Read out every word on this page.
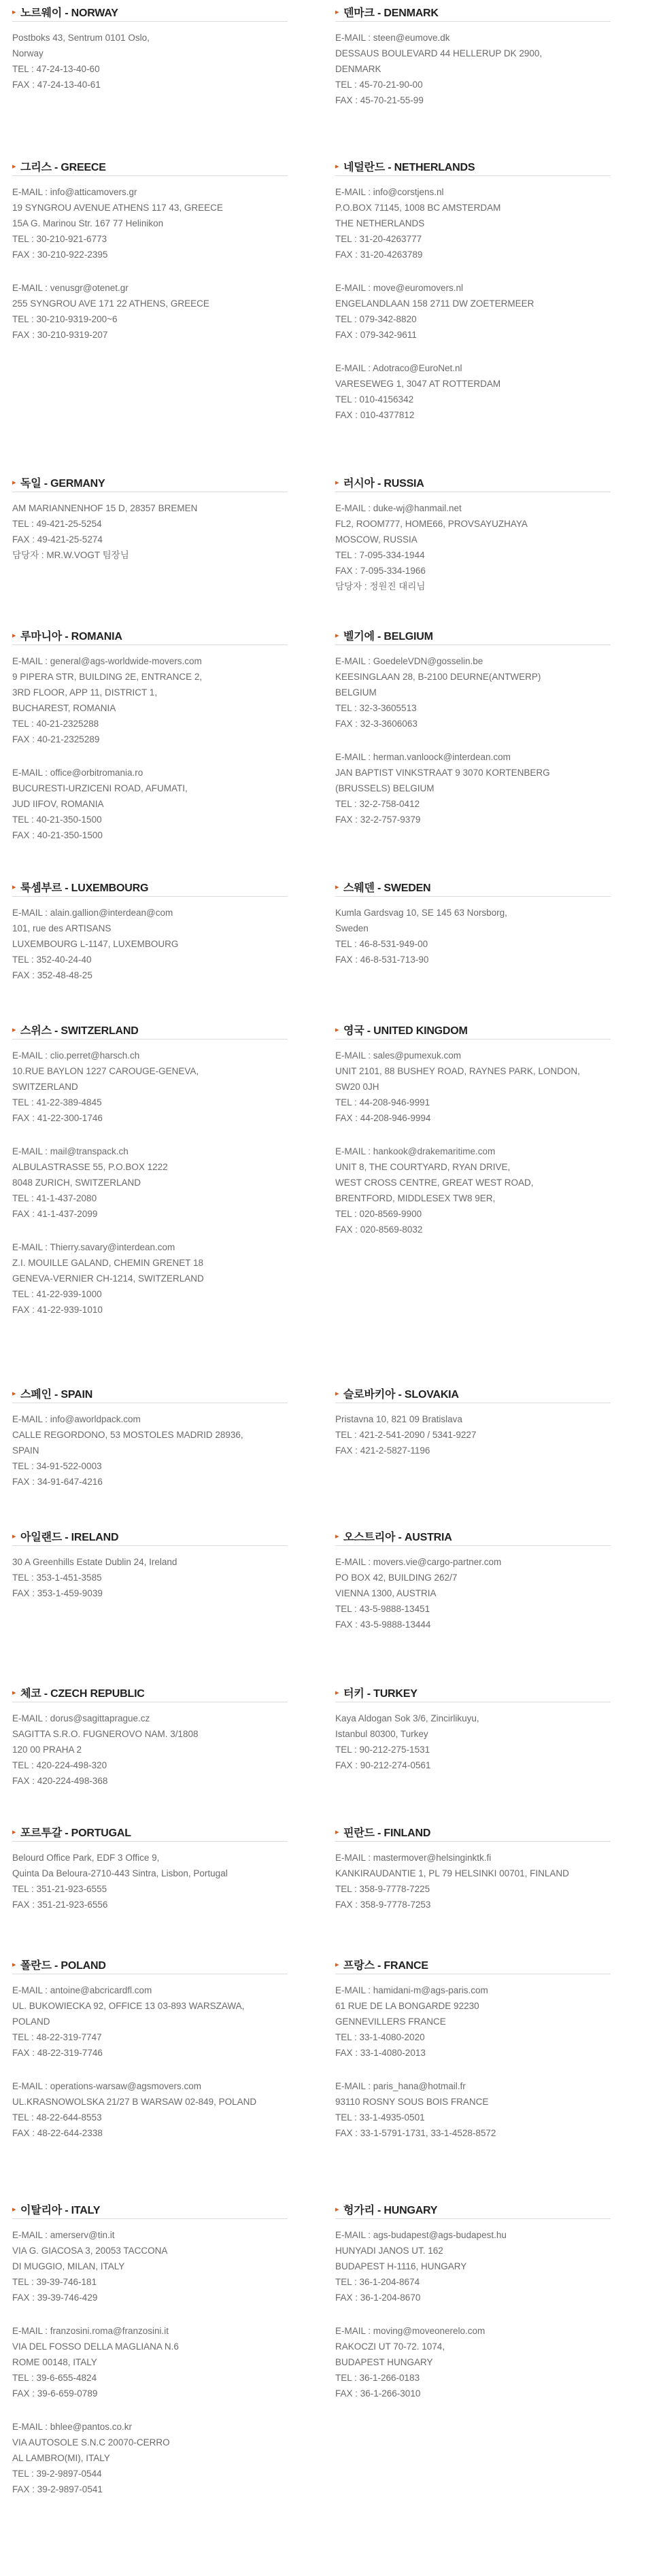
▸ 노르웨이 - NORWAY
Postboks 43, Sentrum 0101 Oslo,
Norway
TEL : 47-24-13-40-60
FAX : 47-24-13-40-61
▸ 덴마크 - DENMARK
E-MAIL : steen@eumove.dk
DESSAUS BOULEVARD 44 HELLERUP DK 2900,
DENMARK
TEL : 45-70-21-90-00
FAX : 45-70-21-55-99
▸ 그리스 - GREECE
E-MAIL : info@atticamovers.gr
19 SYNGROU AVENUE ATHENS 117 43, GREECE
15A G. Marinou Str. 167 77 Helinikon
TEL : 30-210-921-6773
FAX : 30-210-922-2395
E-MAIL : venusgr@otenet.gr
255 SYNGROU AVE 171 22 ATHENS, GREECE
TEL : 30-210-9319-200~6
FAX : 30-210-9319-207
▸ 네덜란드 - NETHERLANDS
E-MAIL : info@corstjens.nl
P.O.BOX 71145, 1008 BC AMSTERDAM
THE NETHERLANDS
TEL : 31-20-4263777
FAX : 31-20-4263789
E-MAIL : move@euromovers.nl
ENGELANDLAAN 158 2711 DW ZOETERMEER
TEL : 079-342-8820
FAX : 079-342-9611
E-MAIL : Adotraco@EuroNet.nl
VARESEWEG 1, 3047 AT ROTTERDAM
TEL : 010-4156342
FAX : 010-4377812
▸ 독일 - GERMANY
AM MARIANNENHOF 15 D, 28357 BREMEN
TEL : 49-421-25-5254
FAX : 49-421-25-5274
담당자 : MR.W.VOGT 팀장님
▸ 러시아 - RUSSIA
E-MAIL : duke-wj@hanmail.net
FL2, ROOM777, HOME66, PROVSAYUZHAYA
MOSCOW, RUSSIA
TEL : 7-095-334-1944
FAX : 7-095-334-1966
담당자 : 정원진 대리님
▸ 루마니아 - ROMANIA
E-MAIL : general@ags-worldwide-movers.com
9 PIPERA STR, BUILDING 2E, ENTRANCE 2,
3RD FLOOR, APP 11, DISTRICT 1,
BUCHAREST, ROMANIA
TEL : 40-21-2325288
FAX : 40-21-2325289
E-MAIL : office@orbitromania.ro
BUCURESTI-URZICENI ROAD, AFUMATI,
JUD IIFOV, ROMANIA
TEL : 40-21-350-1500
FAX : 40-21-350-1500
▸ 벨기에 - BELGIUM
E-MAIL : GoedeleVDN@gosselin.be
KEESINGLAAN 28, B-2100 DEURNE(ANTWERP)
BELGIUM
TEL : 32-3-3605513
FAX : 32-3-3606063
E-MAIL : herman.vanloock@interdean.com
JAN BAPTIST VINKSTRAAT 9 3070 KORTENBERG
(BRUSSELS) BELGIUM
TEL : 32-2-758-0412
FAX : 32-2-757-9379
▸ 룩셈부르 - LUXEMBOURG
E-MAIL : alain.gallion@interdean@com
101, rue des ARTISANS
LUXEMBOURG L-1147, LUXEMBOURG
TEL : 352-40-24-40
FAX : 352-48-48-25
▸ 스웨덴 - SWEDEN
Kumla Gardsvag 10, SE 145 63 Norsborg,
Sweden
TEL : 46-8-531-949-00
FAX : 46-8-531-713-90
▸ 스위스 - SWITZERLAND
E-MAIL : clio.perret@harsch.ch
10.RUE BAYLON 1227 CAROUGE-GENEVA,
SWITZERLAND
TEL : 41-22-389-4845
FAX : 41-22-300-1746
E-MAIL : mail@transpack.ch
ALBULASTRASSE 55, P.O.BOX 1222
8048 ZURICH, SWITZERLAND
TEL : 41-1-437-2080
FAX : 41-1-437-2099
E-MAIL : Thierry.savary@interdean.com
Z.I. MOUILLE GALAND, CHEMIN GRENET 18
GENEVA-VERNIER CH-1214, SWITZERLAND
TEL : 41-22-939-1000
FAX : 41-22-939-1010
▸ 영국 - UNITED KINGDOM
E-MAIL : sales@pumexuk.com
UNIT 2101, 88 BUSHEY ROAD, RAYNES PARK, LONDON,
SW20 0JH
TEL : 44-208-946-9991
FAX : 44-208-946-9994
E-MAIL : hankook@drakemaritime.com
UNIT 8, THE COURTYARD, RYAN DRIVE,
WEST CROSS CENTRE, GREAT WEST ROAD,
BRENTFORD, MIDDLESEX TW8 9ER,
TEL : 020-8569-9900
FAX : 020-8569-8032
▸ 스페인 - SPAIN
E-MAIL : info@aworldpack.com
CALLE REGORDONO, 53 MOSTOLES MADRID 28936,
SPAIN
TEL : 34-91-522-0003
FAX : 34-91-647-4216
▸ 슬로바키아 - SLOVAKIA
Pristavna 10, 821 09 Bratislava
TEL : 421-2-541-2090 / 5341-9227
FAX : 421-2-5827-1196
▸ 아일랜드 - IRELAND
30 A Greenhills Estate Dublin 24, Ireland
TEL : 353-1-451-3585
FAX : 353-1-459-9039
▸ 오스트리아 - AUSTRIA
E-MAIL : movers.vie@cargo-partner.com
PO BOX 42, BUILDING 262/7
VIENNA 1300, AUSTRIA
TEL : 43-5-9888-13451
FAX : 43-5-9888-13444
▸ 체코 - CZECH REPUBLIC
E-MAIL : dorus@sagittaprague.cz
SAGITTA S.R.O. FUGNEROVO NAM. 3/1808
120 00 PRAHA 2
TEL : 420-224-498-320
FAX : 420-224-498-368
▸ 터키 - TURKEY
Kaya Aldogan Sok 3/6, Zincirlikuyu,
Istanbul 80300, Turkey
TEL : 90-212-275-1531
FAX : 90-212-274-0561
▸ 포르투갈 - PORTUGAL
Belourd Office Park, EDF 3 Office 9,
Quinta Da Beloura-2710-443 Sintra, Lisbon, Portugal
TEL : 351-21-923-6555
FAX : 351-21-923-6556
▸ 핀란드 - FINLAND
E-MAIL : mastermover@helsinginktk.fi
KANKIRAUDANTIE 1, PL 79 HELSINKI 00701, FINLAND
TEL : 358-9-7778-7225
FAX : 358-9-7778-7253
▸ 폴란드 - POLAND
E-MAIL : antoine@abcricardfl.com
UL. BUKOWIECKA 92, OFFICE 13 03-893 WARSZAWA,
POLAND
TEL : 48-22-319-7747
FAX : 48-22-319-7746
E-MAIL : operations-warsaw@agsmovers.com
UL.KRASNOWOLSKA 21/27 B WARSAW 02-849, POLAND
TEL : 48-22-644-8553
FAX : 48-22-644-2338
▸ 프랑스 - FRANCE
E-MAIL : hamidani-m@ags-paris.com
61 RUE DE LA BONGARDE 92230
GENNEVILLERS FRANCE
TEL : 33-1-4080-2020
FAX : 33-1-4080-2013
E-MAIL : paris_hana@hotmail.fr
93110 ROSNY SOUS BOIS FRANCE
TEL : 33-1-4935-0501
FAX : 33-1-5791-1731, 33-1-4528-8572
▸ 이탈리아 - ITALY
E-MAIL : amerserv@tin.it
VIA G. GIACOSA 3, 20053 TACCONA
DI MUGGIO, MILAN, ITALY
TEL : 39-39-746-181
FAX : 39-39-746-429
E-MAIL : franzosini.roma@franzosini.it
VIA DEL FOSSO DELLA MAGLIANA N.6
ROME 00148, ITALY
TEL : 39-6-655-4824
FAX : 39-6-659-0789
E-MAIL : bhlee@pantos.co.kr
VIA AUTOSOLE S.N.C 20070-CERRO
AL LAMBRO(MI), ITALY
TEL : 39-2-9897-0544
FAX : 39-2-9897-0541
▸ 헝가리 - HUNGARY
E-MAIL : ags-budapest@ags-budapest.hu
HUNYADI JANOS UT. 162
BUDAPEST H-1116, HUNGARY
TEL : 36-1-204-8674
FAX : 36-1-204-8670
E-MAIL : moving@moveonerelo.com
RAKOCZI UT 70-72. 1074,
BUDAPEST HUNGARY
TEL : 36-1-266-0183
FAX : 36-1-266-3010
